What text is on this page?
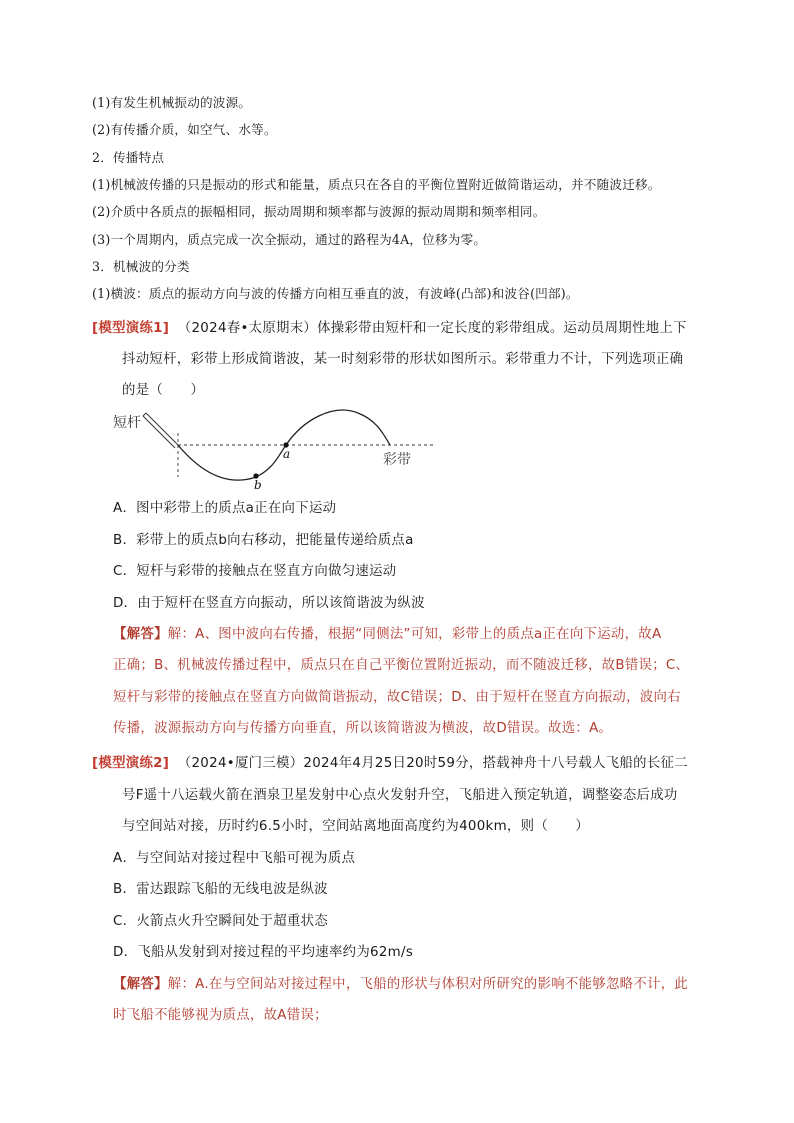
(1)有发生机械振动的波源。
(2)有传播介质，如空气、水等。
2．传播特点
(1)机械波传播的只是振动的形式和能量，质点只在各自的平衡位置附近做简谐运动，并不随波迁移。
(2)介质中各质点的振幅相同，振动周期和频率都与波源的振动周期和频率相同。
(3)一个周期内，质点完成一次全振动，通过的路程为4A，位移为零。
3．机械波的分类
(1)横波：质点的振动方向与波的传播方向相互垂直的波，有波峰(凸部)和波谷(凹部)。
[模型演练1] （2024春•太原期末）体操彩带由短杆和一定长度的彩带组成。运动员周期性地上下
抖动短杆，彩带上形成简谐波，某一时刻彩带的形状如图所示。彩带重力不计，下列选项正确
的是（　　）
短杆
a
b
彩带
A．图中彩带上的质点a正在向下运动
B．彩带上的质点b向右移动，把能量传递给质点a
C．短杆与彩带的接触点在竖直方向做匀速运动
D．由于短杆在竖直方向振动，所以该简谐波为纵波
【解答】解：A、图中波向右传播，根据“同侧法”可知，彩带上的质点a正在向下运动，故A
正确；B、机械波传播过程中，质点只在自己平衡位置附近振动，而不随波迁移，故B错误；C、
短杆与彩带的接触点在竖直方向做简谐振动，故C错误；D、由于短杆在竖直方向振动，波向右
传播，波源振动方向与传播方向垂直，所以该简谐波为横波，故D错误。故选：A。
[模型演练2] （2024•厦门三模）2024年4月25日20时59分，搭载神舟十八号载人飞船的长征二
号F遥十八运载火箭在酒泉卫星发射中心点火发射升空，飞船进入预定轨道，调整姿态后成功
与空间站对接，历时约6.5小时，空间站离地面高度约为400km，则（　　）
A．与空间站对接过程中飞船可视为质点
B．雷达跟踪飞船的无线电波是纵波
C．火箭点火升空瞬间处于超重状态
D．飞船从发射到对接过程的平均速率约为62m/s
【解答】解：A.在与空间站对接过程中，飞船的形状与体积对所研究的影响不能够忽略不计，此
时飞船不能够视为质点，故A错误；
